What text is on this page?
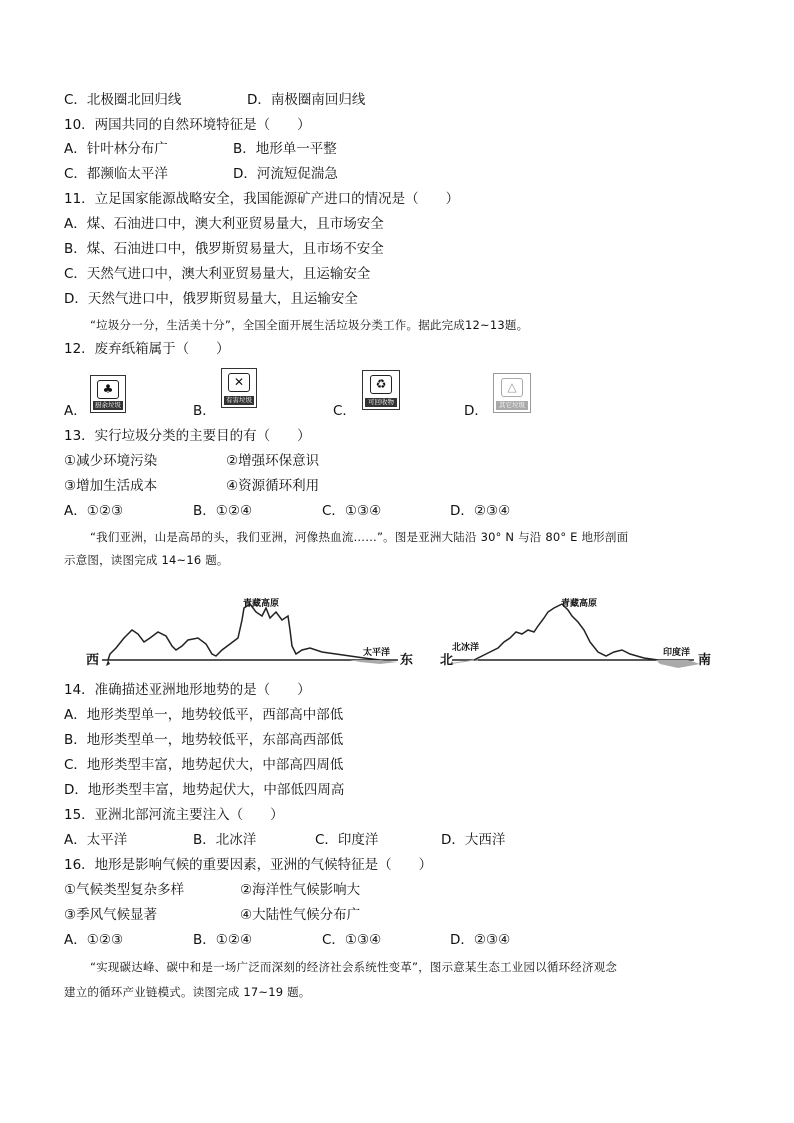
C．北极圈北回归线	D．南极圈南回归线
10．两国共同的自然环境特征是（　　）
A．针叶林分布广	B．地形单一平整
C．都濒临太平洋	D．河流短促湍急
11．立足国家能源战略安全，我国能源矿产进口的情况是（　　）
A．煤、石油进口中，澳大利亚贸易量大，且市场安全
B．煤、石油进口中，俄罗斯贸易量大，且市场不安全
C．天然气进口中，澳大利亚贸易量大，且运输安全
D．天然气进口中，俄罗斯贸易量大，且运输安全
“垃圾分一分，生活美十分”，全国全面开展生活垃圾分类工作。据此完成12~13题。
12．废弃纸箱属于（　　）
A．
♣
厨余垃圾	B．
✕
有害垃圾
C．
♻
可回收物
D．
△
其它垃圾
13．实行垃圾分类的主要目的有（　　）
①减少环境污染	②增强环保意识
③增加生活成本	④资源循环利用
A．①②③	B．①②④	C．①③④	D．②③④
“我们亚洲，山是高昂的头，我们亚洲，河像热血流……”。图是亚洲大陆沿 30° N 与沿 80° E 地形剖面
示意图，读图完成 14~16 题。
青藏高原
太平洋
西	东
青藏高原
北冰洋	印度洋
北	南
14．准确描述亚洲地形地势的是（　　）
A．地形类型单一，地势较低平，西部高中部低
B．地形类型单一，地势较低平，东部高西部低
C．地形类型丰富，地势起伏大，中部高四周低
D．地形类型丰富，地势起伏大，中部低四周高
15．亚洲北部河流主要注入（　　）
A．太平洋	B．北冰洋	C．印度洋	D．大西洋
16．地形是影响气候的重要因素，亚洲的气候特征是（　　）
①气候类型复杂多样	②海洋性气候影响大
③季风气候显著	④大陆性气候分布广
A．①②③	B．①②④	C．①③④	D．②③④
“实现碳达峰、碳中和是一场广泛而深刻的经济社会系统性变革”，图示意某生态工业园以循环经济观念
建立的循环产业链模式。读图完成 17~19 题。
